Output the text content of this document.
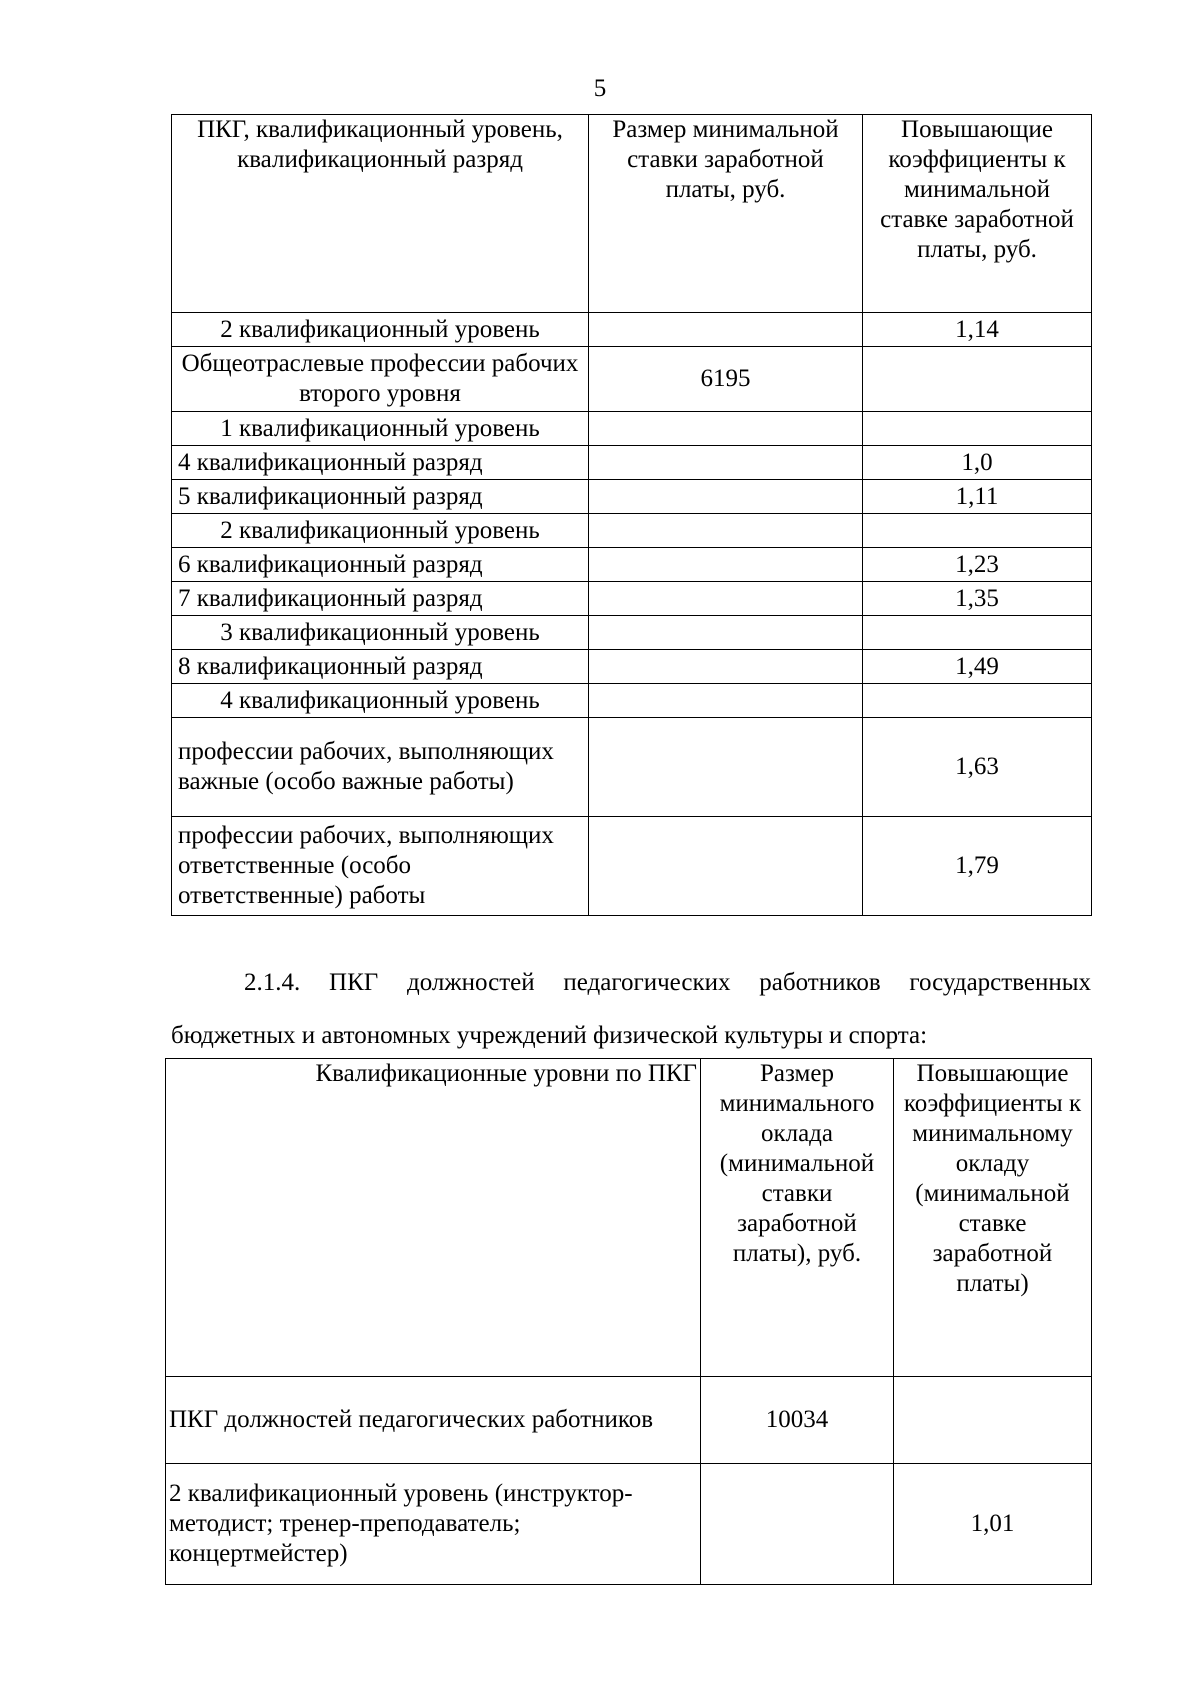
5
ПКГ, квалификационный уровень, квалификационный разряд	Размер минимальной ставки заработной платы, руб.	Повышающие коэффициенты к минимальной ставке заработной платы, руб.
2 квалификационный уровень		1,14
Общеотраслевые профессии рабочих второго уровня	6195	
1 квалификационный уровень		
4 квалификационный разряд		1,0
5 квалификационный разряд		1,11
2 квалификационный уровень		
6 квалификационный разряд		1,23
7 квалификационный разряд		1,35
3 квалификационный уровень		
8 квалификационный разряд		1,49
4 квалификационный уровень		
профессии рабочих, выполняющих важные (особо важные работы)		1,63
профессии рабочих, выполняющих ответственные (особо ответственные) работы		1,79
2.1.4. ПКГ должностей педагогических работников государственных
бюджетных и автономных учреждений физической культуры и спорта:
Квалификационные уровни по ПКГ	Размер минимального оклада (минимальной ставки заработной платы), руб.	Повышающие коэффициенты к минимальному окладу (минимальной ставке заработной платы)
ПКГ должностей педагогических работников	10034	
2 квалификационный уровень (инструктор-методист; тренер-преподаватель; концертмейстер)		1,01
